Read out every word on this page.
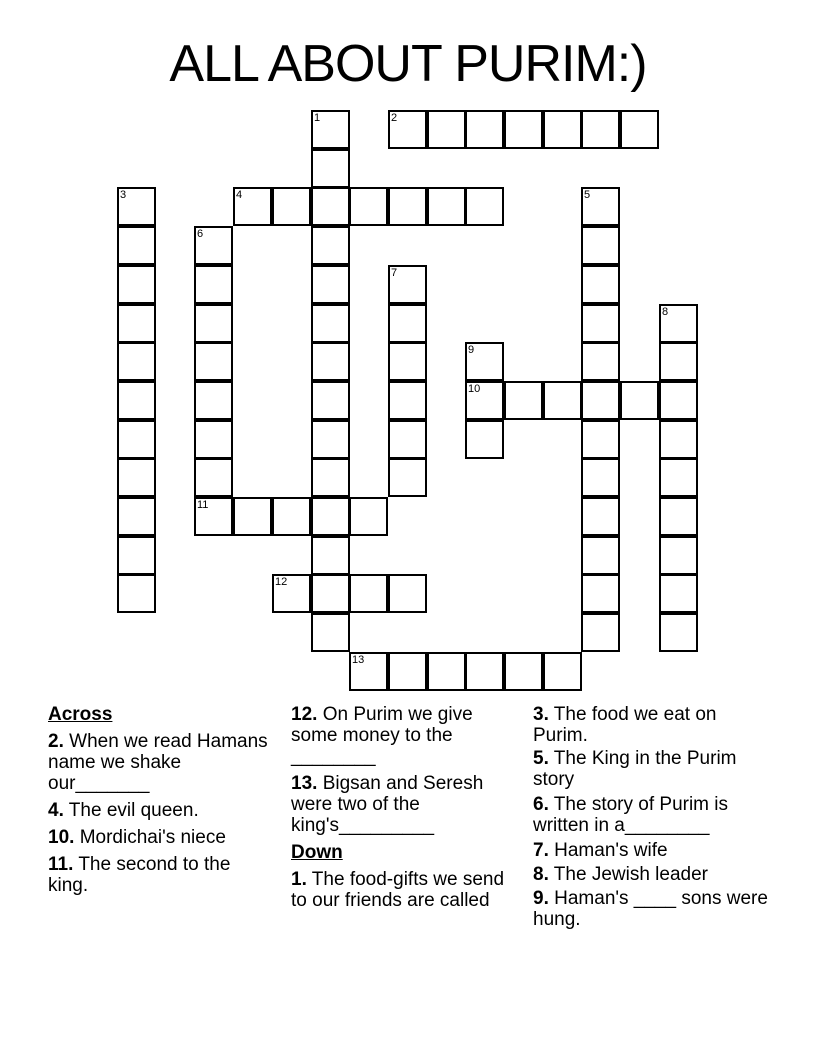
ALL ABOUT PURIM:)
1	2
3	4
6
11
7
5
8
9
10
12
13
Across
2. When we read Hamans name we shake our_______
4. The evil queen.
10. Mordichai's niece
11. The second to the king.
12. On Purim we give some money to the ________
13. Bigsan and Seresh were two of the king's_________
Down
1. The food-gifts we send to our friends are called
3. The food we eat on Purim.
5. The King in the Purim story
6. The story of Purim is written in a________
7. Haman's wife
8. The Jewish leader
9. Haman's ____ sons were hung.
